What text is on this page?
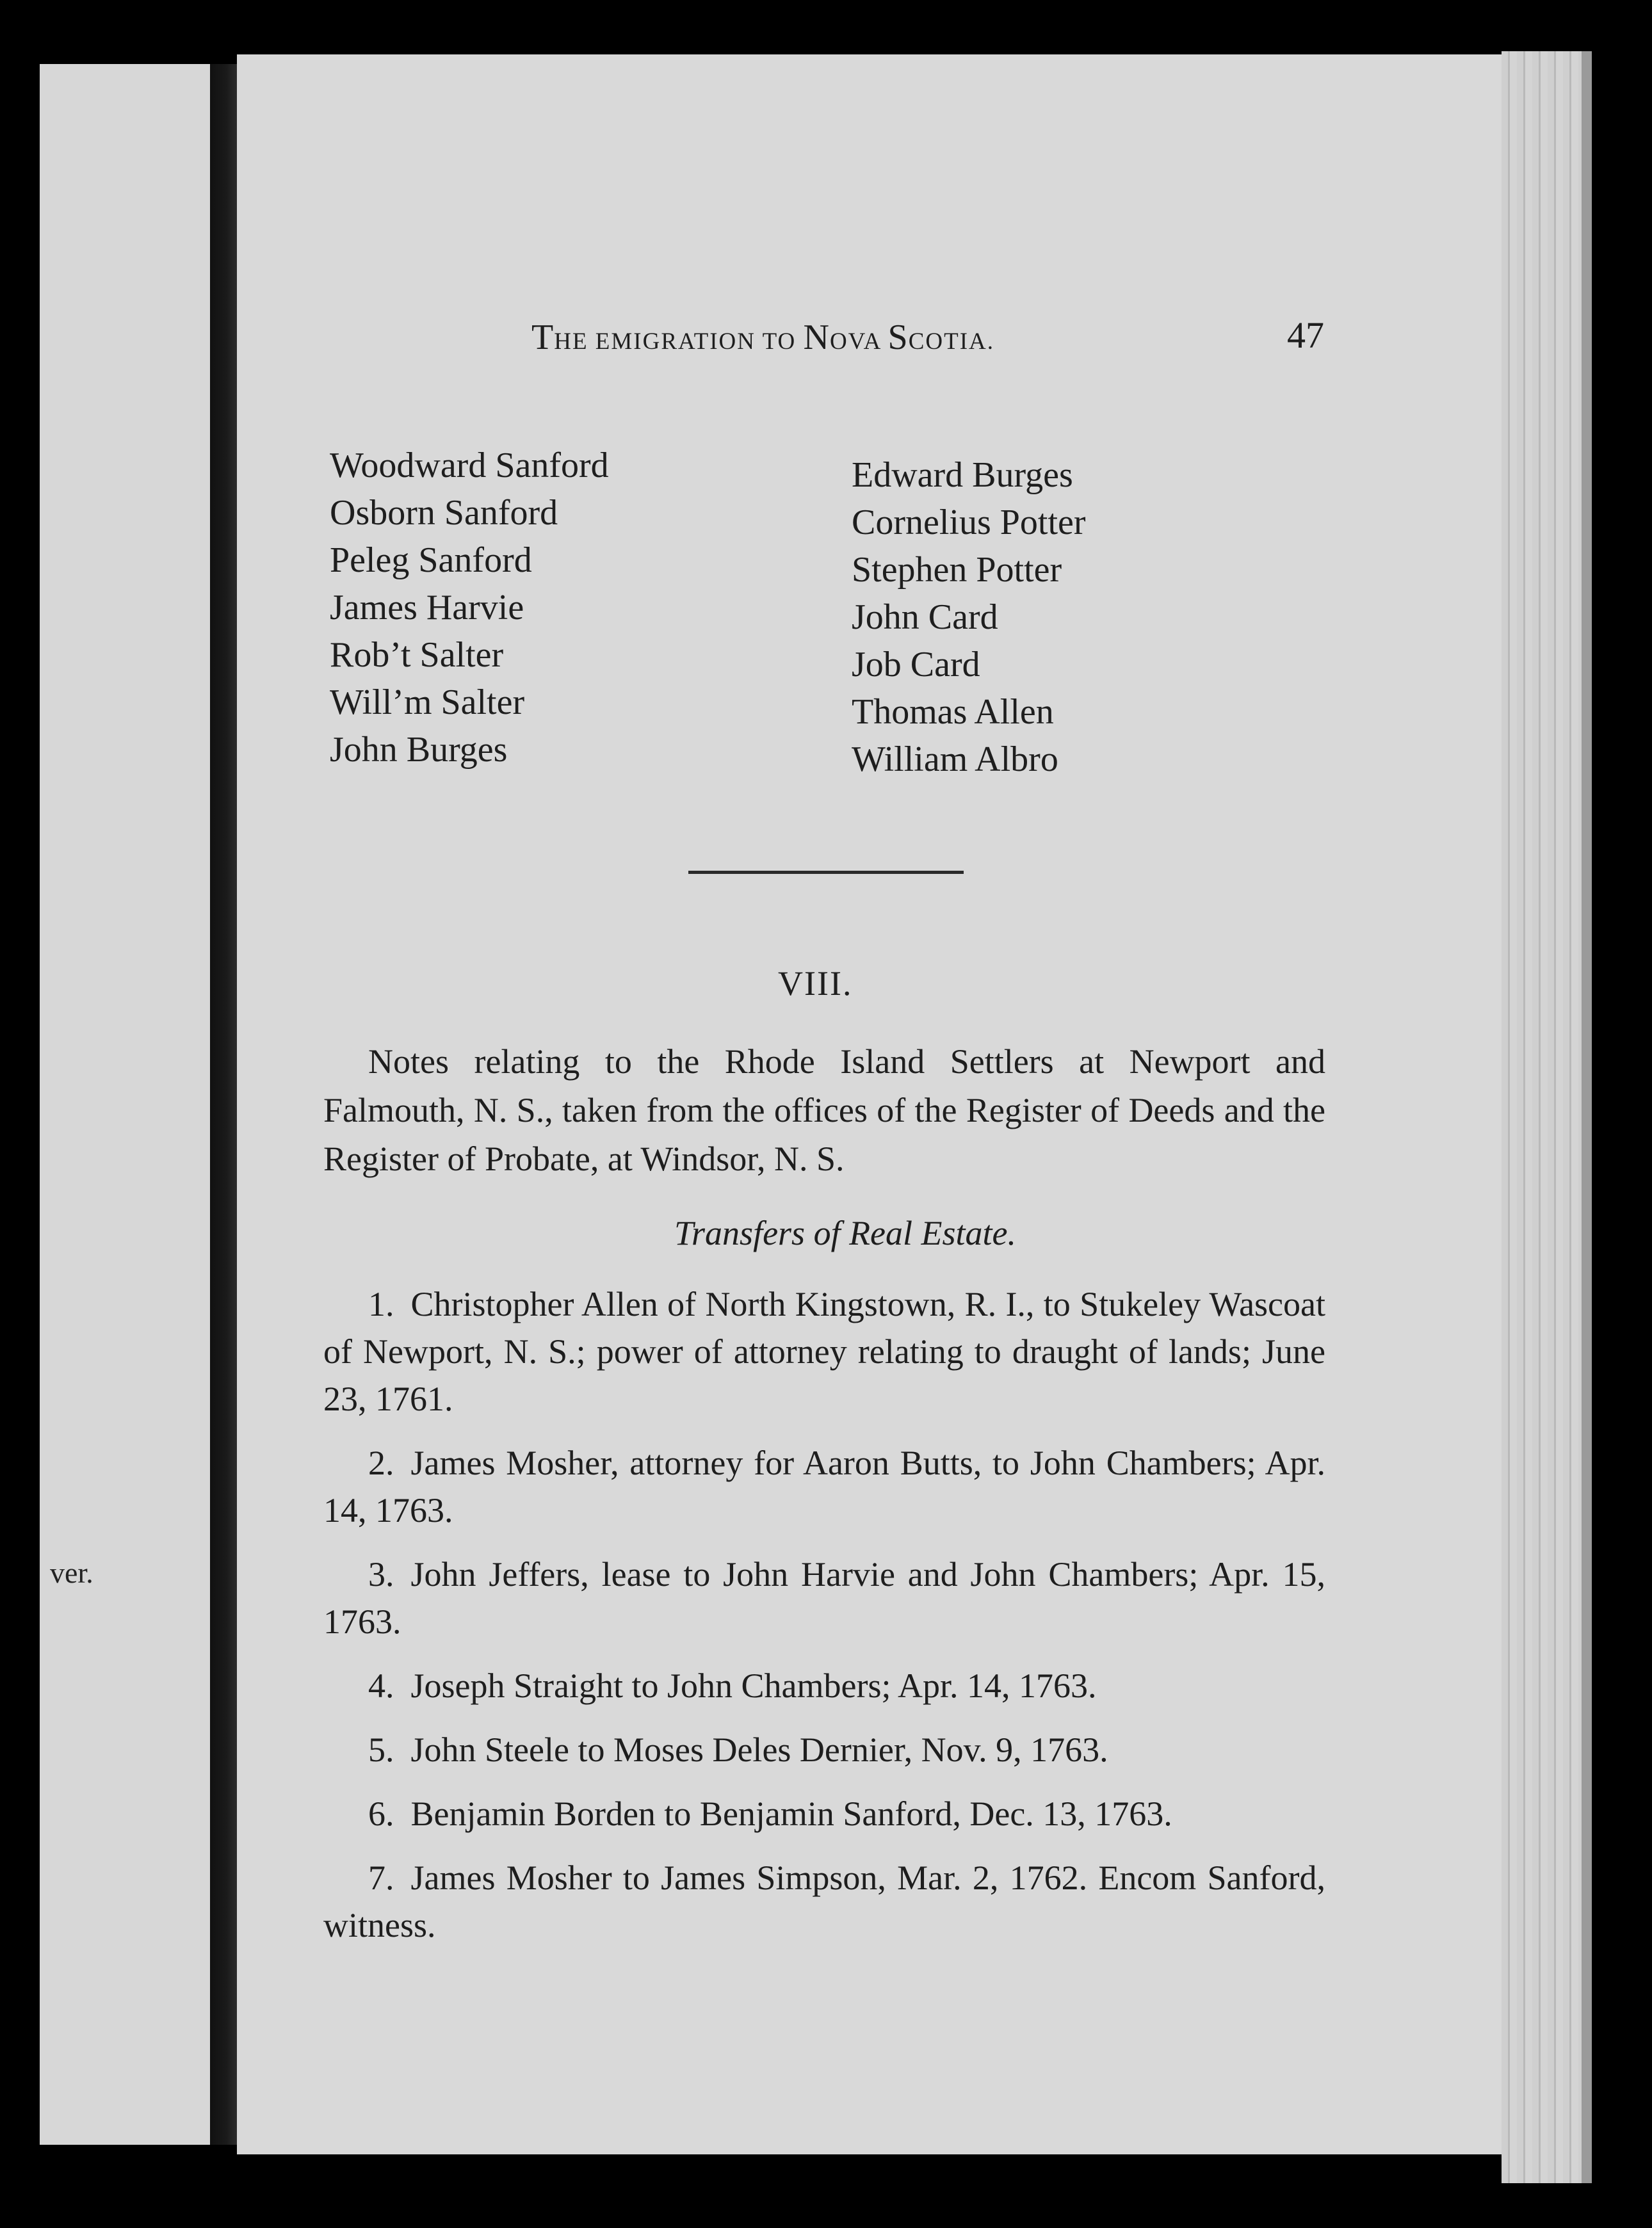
ver.
THE EMIGRATION TO NOVA SCOTIA.	47
Woodward Sanford
Osborn Sanford
Peleg Sanford
James Harvie
Rob’t Salter
Will’m Salter
John Burges
Edward Burges
Cornelius Potter
Stephen Potter
John Card
Job Card
Thomas Allen
William Albro
VIII.
Notes relating to the Rhode Island Settlers at Newport and Falmouth, N. S., taken from the offices of the Register of Deeds and the Register of Probate, at Windsor, N. S.
Transfers of Real Estate.
1. Christopher Allen of North Kingstown, R. I., to Stukeley Wascoat of Newport, N. S.; power of attorney relating to draught of lands; June 23, 1761.
2. James Mosher, attorney for Aaron Butts, to John Chambers; Apr. 14, 1763.
3. John Jeffers, lease to John Harvie and John Chambers; Apr. 15, 1763.
4. Joseph Straight to John Chambers; Apr. 14, 1763.
5. John Steele to Moses Deles Dernier, Nov. 9, 1763.
6. Benjamin Borden to Benjamin Sanford, Dec. 13, 1763.
7. James Mosher to James Simpson, Mar. 2, 1762. Encom Sanford, witness.
